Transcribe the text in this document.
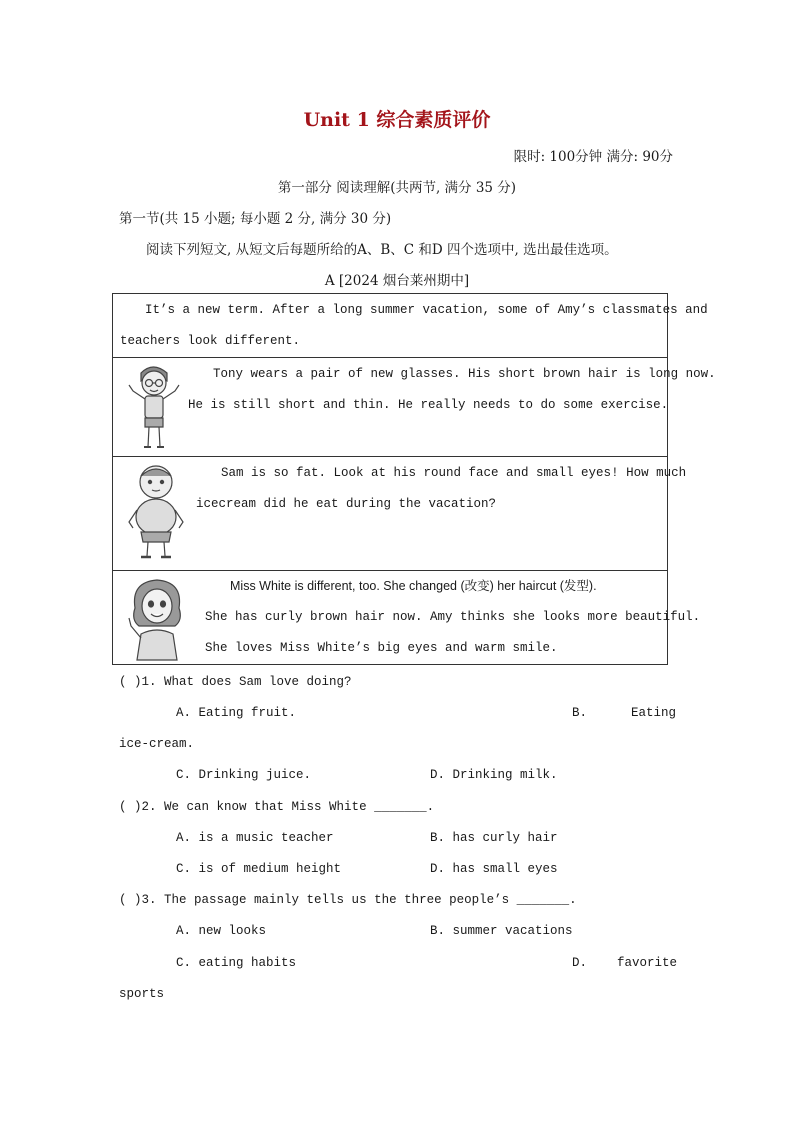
Unit 1 综合素质评价
限时: 100分钟 满分: 90分
第一部分 阅读理解(共两节, 满分 35 分)
第一节(共 15 小题; 每小题 2 分, 满分 30 分)
阅读下列短文, 从短文后每题所给的A、B、C 和D 四个选项中, 选出最佳选项。
A [2024 烟台莱州期中]
It’s a new term. After a long summer vacation, some of Amy’s classmates and
teachers look different.
Tony wears a pair of new glasses. His short brown hair is long now.
He is still short and thin. He really needs to do some exercise.
Sam is so fat. Look at his round face and small eyes! How much
icecream did he eat during the vacation?
Miss White is different, too. She changed (改变) her haircut (发型).
She has curly brown hair now. Amy thinks she looks more beautiful.
She loves Miss White’s big eyes and warm smile.
( )1. What does Sam love doing?
A. Eating fruit.	B.	Eating
ice-cream.
C. Drinking juice.	D. Drinking milk.
( )2. We can know that Miss White _______.
A. is a music teacher	B. has curly hair
C. is of medium height	D. has small eyes
( )3. The passage mainly tells us the three people’s _______.
A. new looks	B. summer vacations
C. eating habits	D. favorite
sports
